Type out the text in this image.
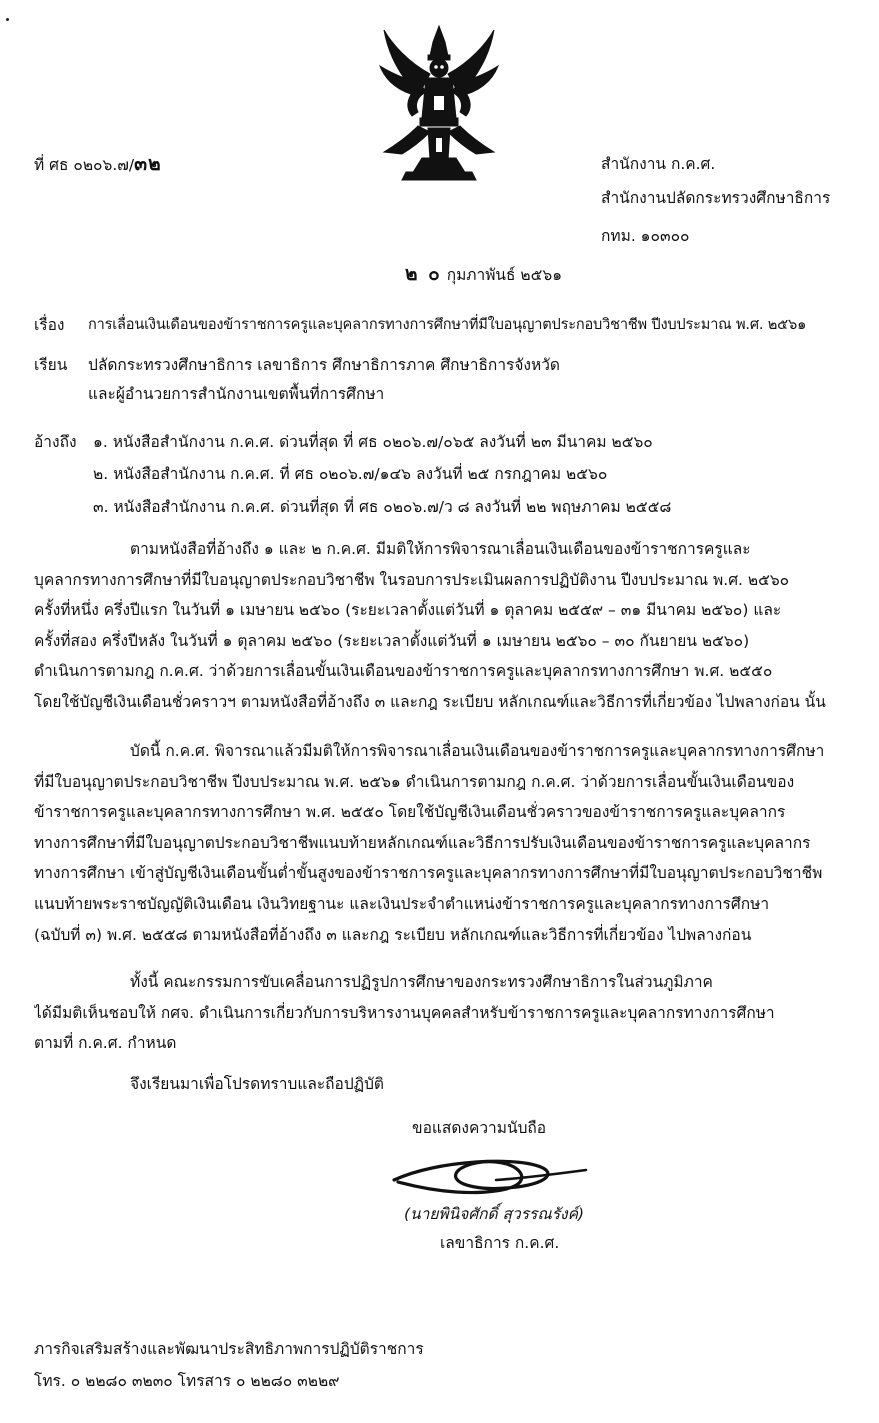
ที่ ศธ ๐๒๐๖.๗/๓๒	สำนักงาน ก.ค.ศ.
สำนักงานปลัดกระทรวงศึกษาธิการ
กทม. ๑๐๓๐๐
๒ ๐ กุมภาพันธ์ ๒๕๖๑
เรื่อง การเลื่อนเงินเดือนของข้าราชการครูและบุคลากรทางการศึกษาที่มีใบอนุญาตประกอบวิชาชีพ ปีงบประมาณ พ.ศ. ๒๕๖๑
เรียน ปลัดกระทรวงศึกษาธิการ เลขาธิการ ศึกษาธิการภาค ศึกษาธิการจังหวัด
และผู้อำนวยการสำนักงานเขตพื้นที่การศึกษา
อ้างถึง ๑. หนังสือสำนักงาน ก.ค.ศ. ด่วนที่สุด ที่ ศธ ๐๒๐๖.๗/๐๖๕ ลงวันที่ ๒๓ มีนาคม ๒๕๖๐
๒. หนังสือสำนักงาน ก.ค.ศ. ที่ ศธ ๐๒๐๖.๗/๑๔๖ ลงวันที่ ๒๕ กรกฎาคม ๒๕๖๐
๓. หนังสือสำนักงาน ก.ค.ศ. ด่วนที่สุด ที่ ศธ ๐๒๐๖.๗/ว ๘ ลงวันที่ ๒๒ พฤษภาคม ๒๕๕๘
ตามหนังสือที่อ้างถึง ๑ และ ๒ ก.ค.ศ. มีมติให้การพิจารณาเลื่อนเงินเดือนของข้าราชการครูและ
บุคลากรทางการศึกษาที่มีใบอนุญาตประกอบวิชาชีพ ในรอบการประเมินผลการปฏิบัติงาน ปีงบประมาณ พ.ศ. ๒๕๖๐
ครั้งที่หนึ่ง ครึ่งปีแรก ในวันที่ ๑ เมษายน ๒๕๖๐ (ระยะเวลาตั้งแต่วันที่ ๑ ตุลาคม ๒๕๕๙ – ๓๑ มีนาคม ๒๕๖๐) และ
ครั้งที่สอง ครึ่งปีหลัง ในวันที่ ๑ ตุลาคม ๒๕๖๐ (ระยะเวลาตั้งแต่วันที่ ๑ เมษายน ๒๕๖๐ – ๓๐ กันยายน ๒๕๖๐)
ดำเนินการตามกฎ ก.ค.ศ. ว่าด้วยการเลื่อนขั้นเงินเดือนของข้าราชการครูและบุคลากรทางการศึกษา พ.ศ. ๒๕๕๐
โดยใช้บัญชีเงินเดือนชั่วคราวฯ ตามหนังสือที่อ้างถึง ๓ และกฎ ระเบียบ หลักเกณฑ์และวิธีการที่เกี่ยวข้อง ไปพลางก่อน นั้น
บัดนี้ ก.ค.ศ. พิจารณาแล้วมีมติให้การพิจารณาเลื่อนเงินเดือนของข้าราชการครูและบุคลากรทางการศึกษา
ที่มีใบอนุญาตประกอบวิชาชีพ ปีงบประมาณ พ.ศ. ๒๕๖๑ ดำเนินการตามกฎ ก.ค.ศ. ว่าด้วยการเลื่อนขั้นเงินเดือนของ
ข้าราชการครูและบุคลากรทางการศึกษา พ.ศ. ๒๕๕๐ โดยใช้บัญชีเงินเดือนชั่วคราวของข้าราชการครูและบุคลากร
ทางการศึกษาที่มีใบอนุญาตประกอบวิชาชีพแนบท้ายหลักเกณฑ์และวิธีการปรับเงินเดือนของข้าราชการครูและบุคลากร
ทางการศึกษา เข้าสู่บัญชีเงินเดือนขั้นต่ำขั้นสูงของข้าราชการครูและบุคลากรทางการศึกษาที่มีใบอนุญาตประกอบวิชาชีพ
แนบท้ายพระราชบัญญัติเงินเดือน เงินวิทยฐานะ และเงินประจำตำแหน่งข้าราชการครูและบุคลากรทางการศึกษา
(ฉบับที่ ๓) พ.ศ. ๒๕๕๘ ตามหนังสือที่อ้างถึง ๓ และกฎ ระเบียบ หลักเกณฑ์และวิธีการที่เกี่ยวข้อง ไปพลางก่อน
ทั้งนี้ คณะกรรมการขับเคลื่อนการปฏิรูปการศึกษาของกระทรวงศึกษาธิการในส่วนภูมิภาค
ได้มีมติเห็นชอบให้ กศจ. ดำเนินการเกี่ยวกับการบริหารงานบุคคลสำหรับข้าราชการครูและบุคลากรทางการศึกษา
ตามที่ ก.ค.ศ. กำหนด
จึงเรียนมาเพื่อโปรดทราบและถือปฏิบัติ
ขอแสดงความนับถือ
(นายพินิจศักดิ์ สุวรรณรังค์)
เลขาธิการ ก.ค.ศ.
ภารกิจเสริมสร้างและพัฒนาประสิทธิภาพการปฏิบัติราชการ
โทร. ๐ ๒๒๘๐ ๓๒๓๐ โทรสาร ๐ ๒๒๘๐ ๓๒๒๙
